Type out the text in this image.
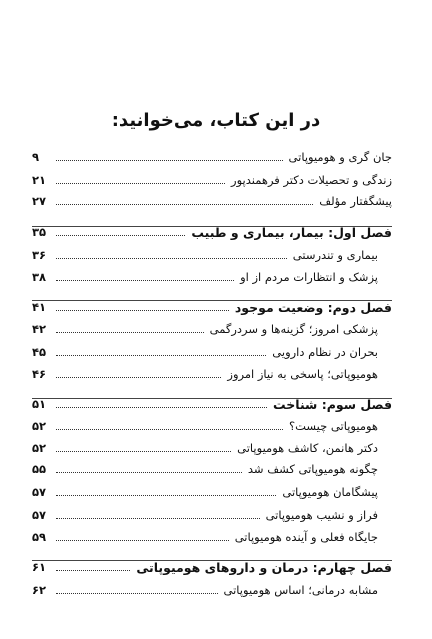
در این کتاب، می‌خوانید:
جان گری و هومیوپاتی
۹
زندگی و تحصیلات دکتر فرهمندپور
۲۱
پیشگفتار مؤلف
۲۷
فصل اول: بیمار، بیماری و طبیب
۳۵
بیماری و تندرستی
۳۶
پزشک و انتظارات مردم از او
۳۸
فصل دوم: وضعیت موجود
۴۱
پزشکی امروز؛ گزینه‌ها و سردرگمی
۴۲
بحران در نظام دارویی
۴۵
هومیوپاتی؛ پاسخی به نیاز امروز
۴۶
فصل سوم: شناخت
۵۱
هومیوپاتی چیست؟
۵۲
دکتر هانمن، کاشف هومیوپاتی
۵۲
چگونه هومیوپاتی کشف شد
۵۵
پیشگامان هومیوپاتی
۵۷
فراز و نشیب هومیوپاتی
۵۷
جایگاه فعلی و آینده هومیوپاتی
۵۹
فصل چهارم: درمان و داروهای هومیوپاتی
۶۱
مشابه درمانی؛ اساس هومیوپاتی
۶۲
